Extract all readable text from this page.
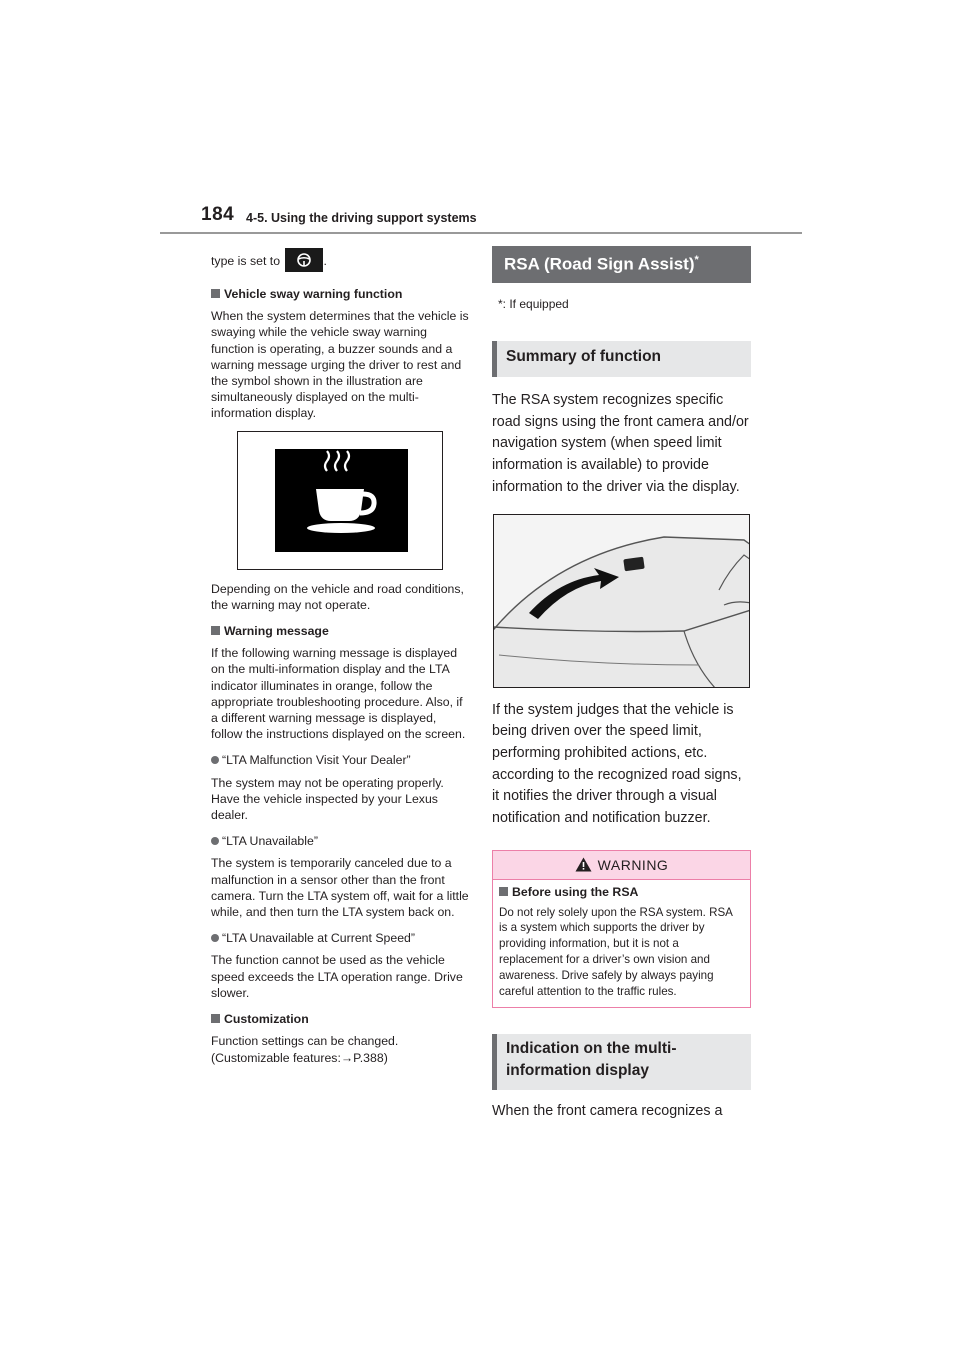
184 4-5. Using the driving support systems
type is set to	.
Vehicle sway warning function
When the system determines that the vehicle is swaying while the vehicle sway warning function is operating, a buzzer sounds and a warning message urging the driver to rest and the symbol shown in the illustration are simultaneously displayed on the multi-information display.
Depending on the vehicle and road conditions, the warning may not operate.
Warning message
If the following warning message is displayed on the multi-information display and the LTA indicator illuminates in orange, follow the appropriate troubleshooting procedure. Also, if a different warning message is displayed, follow the instructions displayed on the screen.
“LTA Malfunction Visit Your Dealer”
The system may not be operating properly. Have the vehicle inspected by your Lexus dealer.
“LTA Unavailable”
The system is temporarily canceled due to a malfunction in a sensor other than the front camera. Turn the LTA system off, wait for a little while, and then turn the LTA system back on.
“LTA Unavailable at Current Speed”
The function cannot be used as the vehicle speed exceeds the LTA operation range. Drive slower.
Customization
Function settings can be changed.
(Customizable features:→P.388)
RSA (Road Sign Assist)*
*: If equipped
Summary of function
The RSA system recognizes specific road signs using the front camera and/or navigation system (when speed limit information is available) to provide information to the driver via the display.
If the system judges that the vehicle is being driven over the speed limit, performing prohibited actions, etc. according to the recognized road signs, it notifies the driver through a visual notification and notification buzzer.
WARNING
Before using the RSA
Do not rely solely upon the RSA system. RSA is a system which supports the driver by providing information, but it is not a replacement for a driver’s own vision and awareness. Drive safely by always paying careful attention to the traffic rules.
Indication on the multi-information display
When the front camera recognizes a
